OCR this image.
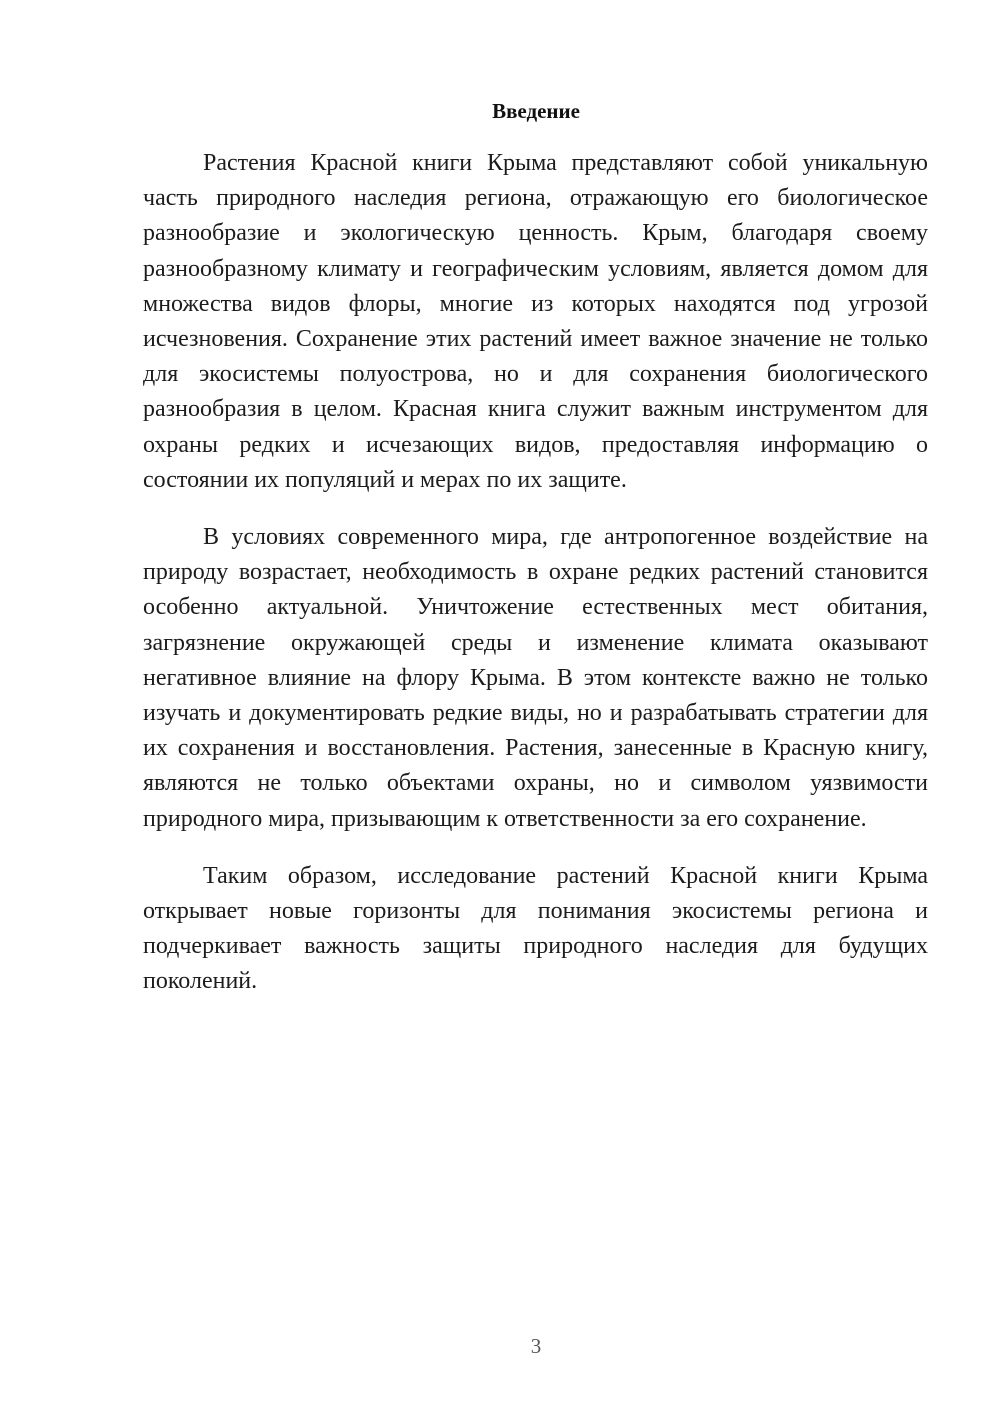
Введение

Растения Красной книги Крыма представляют собой уникальную часть природного наследия региона, отражающую его биологическое разнообразие и экологическую ценность. Крым, благодаря своему разнообразному климату и географическим условиям, является домом для множества видов флоры, многие из которых находятся под угрозой исчезновения. Сохранение этих растений имеет важное значение не только для экосистемы полуострова, но и для сохранения биологического разнообразия в целом. Красная книга служит важным инструментом для охраны редких и исчезающих видов, предоставляя информацию о состоянии их популяций и мерах по их защите.

В условиях современного мира, где антропогенное воздействие на природу возрастает, необходимость в охране редких растений становится особенно актуальной. Уничтожение естественных мест обитания, загрязнение окружающей среды и изменение климата оказывают негативное влияние на флору Крыма. В этом контексте важно не только изучать и документировать редкие виды, но и разрабатывать стратегии для их сохранения и восстановления. Растения, занесенные в Красную книгу, являются не только объектами охраны, но и символом уязвимости природного мира, призывающим к ответственности за его сохранение.

Таким образом, исследование растений Красной книги Крыма открывает новые горизонты для понимания экосистемы региона и подчеркивает важность защиты природного наследия для будущих поколений.

3
